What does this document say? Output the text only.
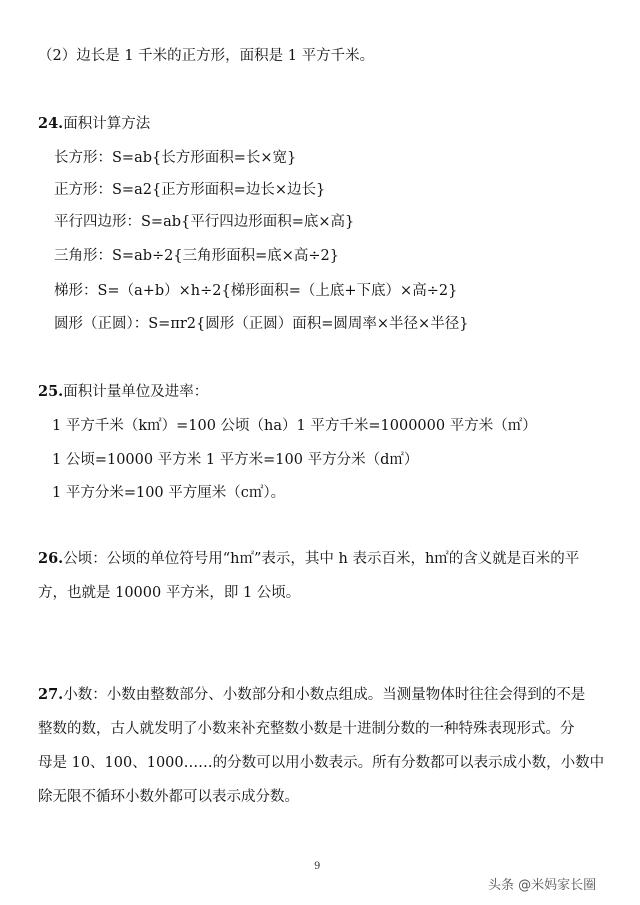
（2）边长是 1 千米的正方形，面积是 1 平方千米。
24.面积计算方法
长方形：S=ab{长方形面积=长×宽}
正方形：S=a2{正方形面积=边长×边长}
平行四边形：S=ab{平行四边形面积=底×高}
三角形：S=ab÷2{三角形面积=底×高÷2}
梯形：S=（a+b）×h÷2{梯形面积=（上底+下底）×高÷2}
圆形（正圆）：S=πr2{圆形（正圆）面积=圆周率×半径×半径}
25.面积计量单位及进率：
1 平方千米（k㎡）=100 公顷（ha）1 平方千米=1000000 平方米（㎡）
1 公顷=10000 平方米 1 平方米=100 平方分米（d㎡）
1 平方分米=100 平方厘米（c㎡）。
26.公顷：公顷的单位符号用“h㎡”表示，其中 h 表示百米，h㎡的含义就是百米的平
方，也就是 10000 平方米，即 1 公顷。
27.小数：小数由整数部分、小数部分和小数点组成。当测量物体时往往会得到的不是
整数的数，古人就发明了小数来补充整数小数是十进制分数的一种特殊表现形式。分
母是 10、100、1000……的分数可以用小数表示。所有分数都可以表示成小数，小数中
除无限不循环小数外都可以表示成分数。
9
头条 @米妈家长圈
